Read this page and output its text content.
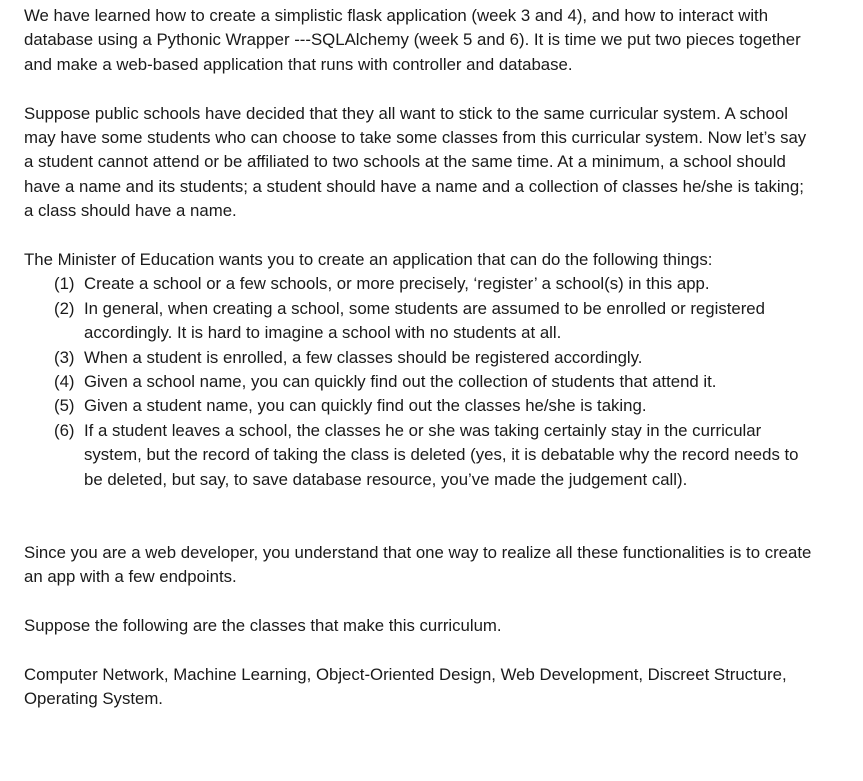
We have learned how to create a simplistic flask application (week 3 and 4), and how to interact with database using a Pythonic Wrapper ---SQLAlchemy (week 5 and 6). It is time we put two pieces together and make a web-based application that runs with controller and database.

Suppose public schools have decided that they all want to stick to the same curricular system. A school may have some students who can choose to take some classes from this curricular system. Now let’s say a student cannot attend or be affiliated to two schools at the same time. At a minimum, a school should have a name and its students; a student should have a name and a collection of classes he/she is taking; a class should have a name.

The Minister of Education wants you to create an application that can do the following things:

(1) Create a school or a few schools, or more precisely, ‘register’ a school(s) in this app.
(2) In general, when creating a school, some students are assumed to be enrolled or registered accordingly. It is hard to imagine a school with no students at all.
(3) When a student is enrolled, a few classes should be registered accordingly.
(4) Given a school name, you can quickly find out the collection of students that attend it.
(5) Given a student name, you can quickly find out the classes he/she is taking.
(6) If a student leaves a school, the classes he or she was taking certainly stay in the curricular system, but the record of taking the class is deleted (yes, it is debatable why the record needs to be deleted, but say, to save database resource, you’ve made the judgement call).

Since you are a web developer, you understand that one way to realize all these functionalities is to create an app with a few endpoints.

Suppose the following are the classes that make this curriculum.

Computer Network, Machine Learning, Object-Oriented Design, Web Development, Discreet Structure, Operating System.
